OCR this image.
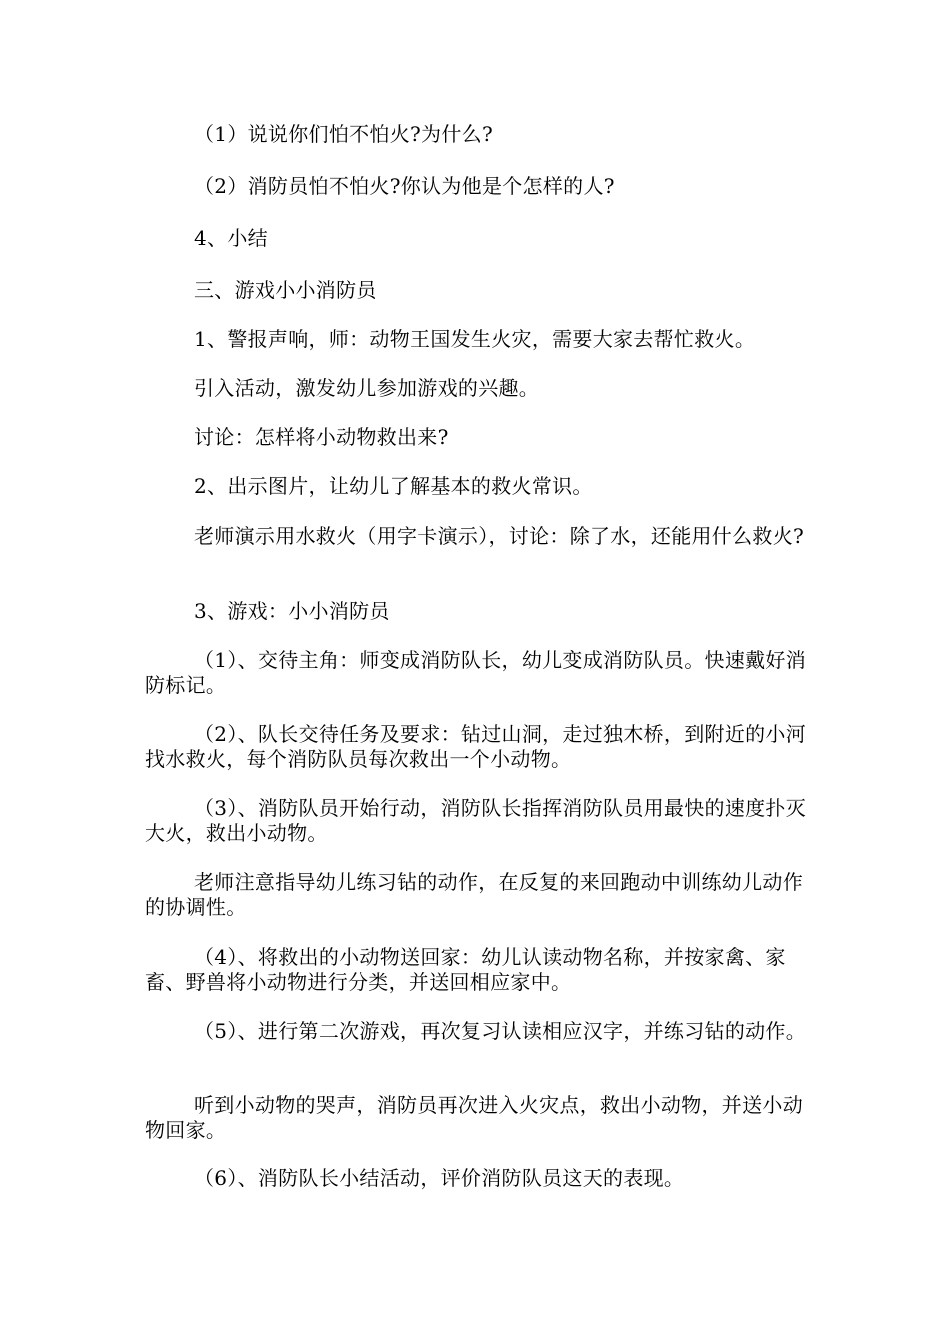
（1）说说你们怕不怕火?为什么?

（2）消防员怕不怕火?你认为他是个怎样的人?

4、小结

三、游戏小小消防员

1、警报声响，师：动物王国发生火灾，需要大家去帮忙救火。

引入活动，激发幼儿参加游戏的兴趣。

讨论：怎样将小动物救出来?

2、出示图片，让幼儿了解基本的救火常识。

老师演示用水救火（用字卡演示），讨论：除了水，还能用什么救火?

3、游戏：小小消防员

（1）、交待主角：师变成消防队长，幼儿变成消防队员。快速戴好消防标记。

（2）、队长交待任务及要求：钻过山洞，走过独木桥，到附近的小河找水救火，每个消防队员每次救出一个小动物。

（3）、消防队员开始行动，消防队长指挥消防队员用最快的速度扑灭大火，救出小动物。

老师注意指导幼儿练习钻的动作，在反复的来回跑动中训练幼儿动作的协调性。

（4）、将救出的小动物送回家：幼儿认读动物名称，并按家禽、家畜、野兽将小动物进行分类，并送回相应家中。

（5）、进行第二次游戏，再次复习认读相应汉字，并练习钻的动作。

听到小动物的哭声，消防员再次进入火灾点，救出小动物，并送小动物回家。

（6）、消防队长小结活动，评价消防队员这天的表现。
